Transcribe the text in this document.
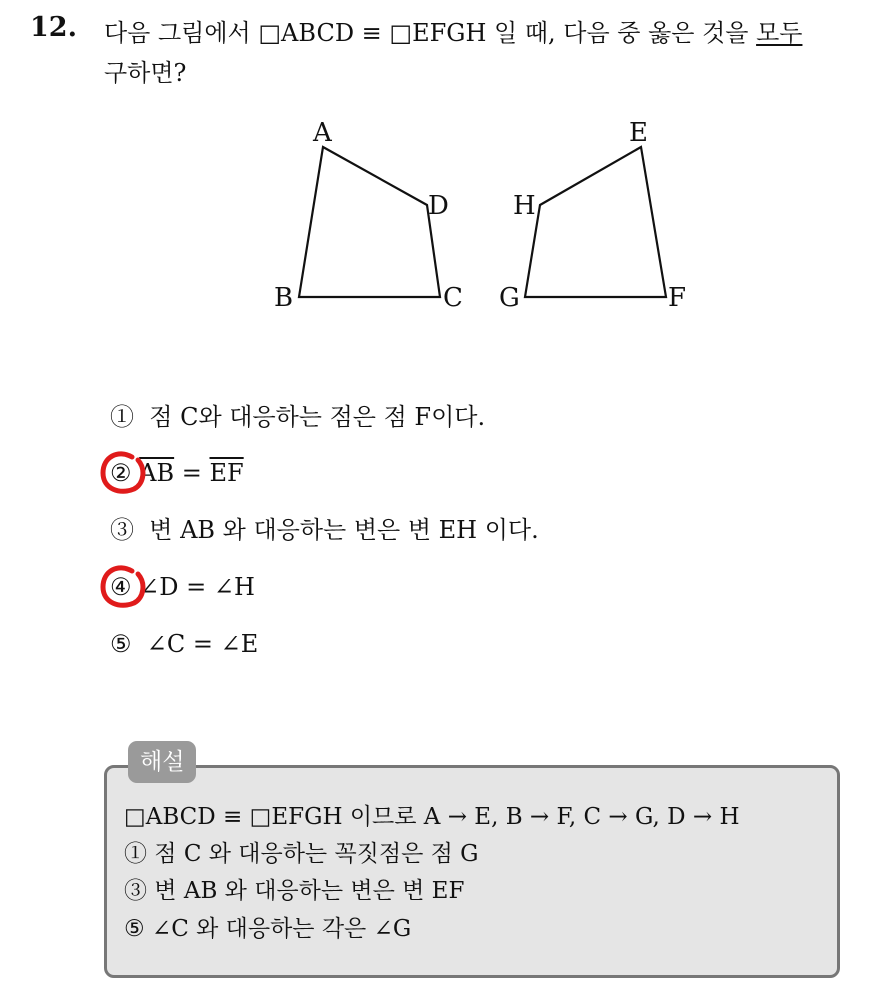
12. 다음 그림에서 □ABCD ≡ □EFGH 일 때, 다음 중 옳은 것을 모두
구하면?
A
B	C
D
E
F
G
H
① 점 C와 대응하는 점은 점 F이다.
② $\overline{AB} = \overline{EF}$
③ 변 AB 와 대응하는 변은 변 EH 이다.
④ ∠D = ∠H
⑤ ∠C = ∠E
해설
□ABCD ≡ □EFGH 이므로 A → E, B → F, C → G, D → H
① 점 C 와 대응하는 꼭짓점은 점 G
③ 변 AB 와 대응하는 변은 변 EF
⑤ ∠C 와 대응하는 각은 ∠G
